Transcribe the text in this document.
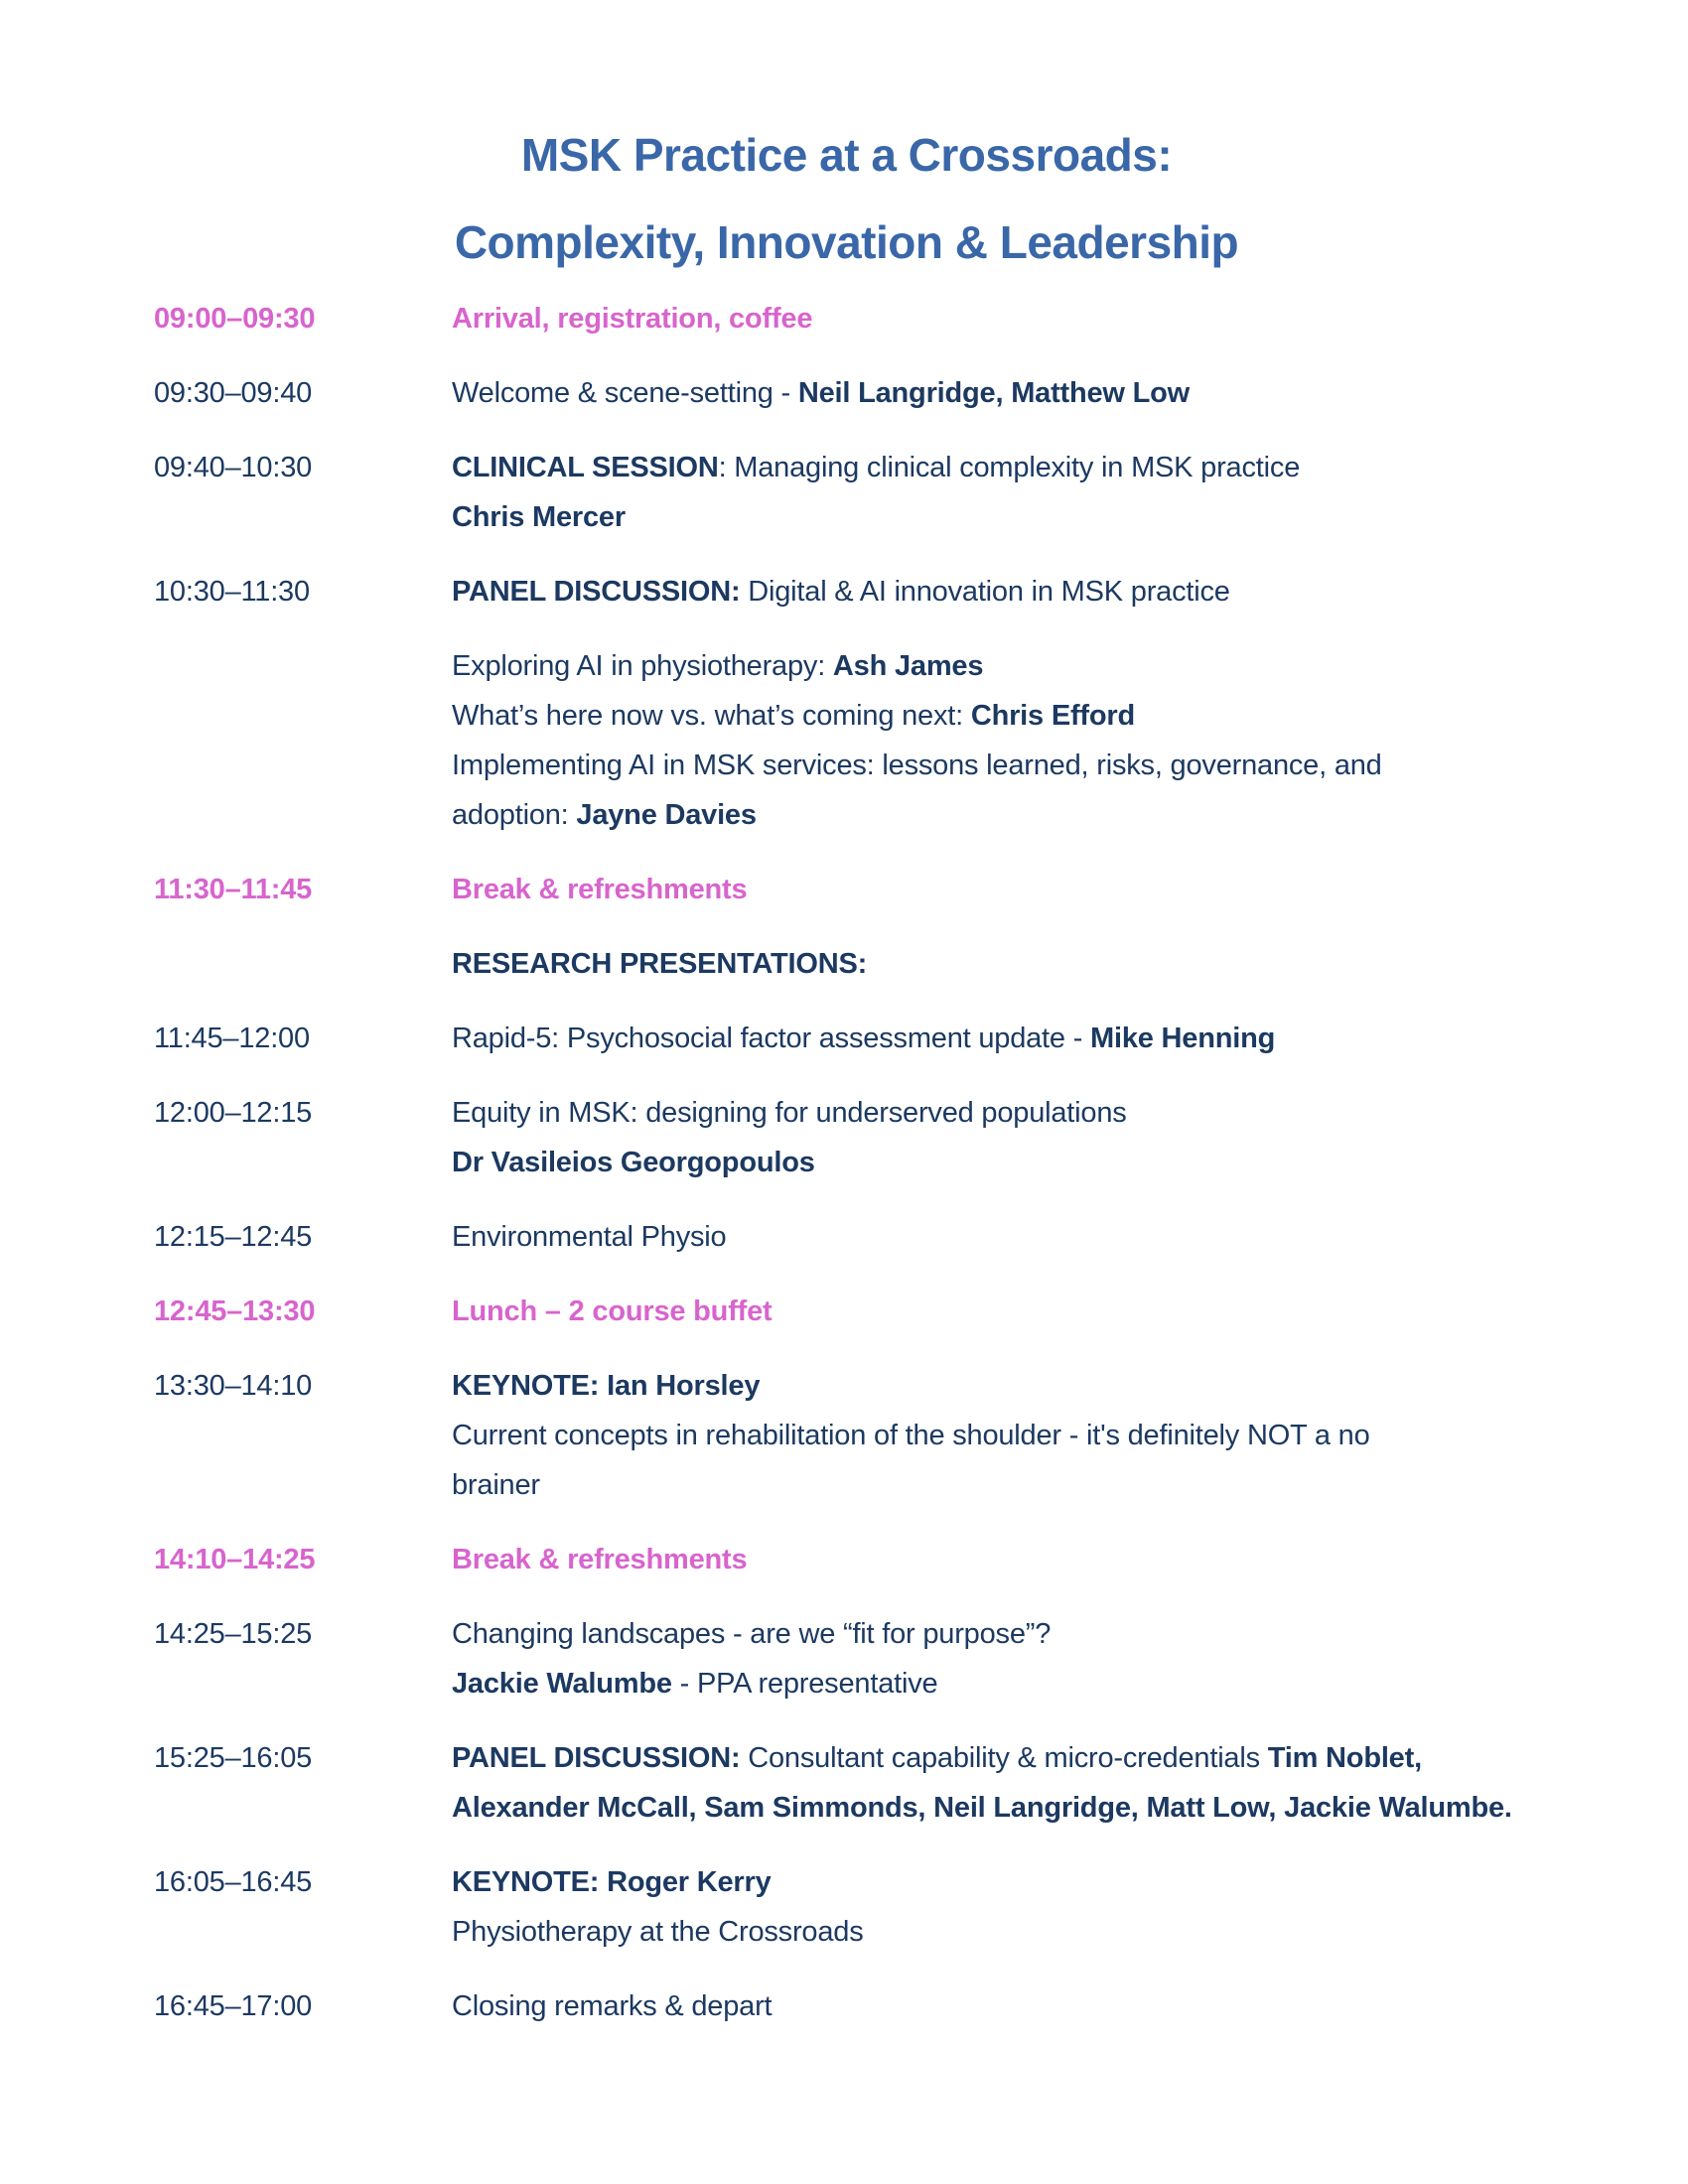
MSK Practice at a Crossroads:
Complexity, Innovation & Leadership
09:00–09:30	Arrival, registration, coffee
09:30–09:40	Welcome & scene-setting - Neil Langridge, Matthew Low
09:40–10:30	CLINICAL SESSION: Managing clinical complexity in MSK practice
Chris Mercer
10:30–11:30	PANEL DISCUSSION: Digital & AI innovation in MSK practice
Exploring AI in physiotherapy: Ash James
What’s here now vs. what’s coming next: Chris Efford
Implementing AI in MSK services: lessons learned, risks, governance, and
adoption: Jayne Davies
11:30–11:45	Break & refreshments
RESEARCH PRESENTATIONS:
11:45–12:00	Rapid-5: Psychosocial factor assessment update - Mike Henning
12:00–12:15	Equity in MSK: designing for underserved populations
Dr Vasileios Georgopoulos
12:15–12:45	Environmental Physio
12:45–13:30	Lunch – 2 course buffet
13:30–14:10	KEYNOTE: Ian Horsley
Current concepts in rehabilitation of the shoulder - it's definitely NOT a no
brainer
14:10–14:25	Break & refreshments
14:25–15:25	Changing landscapes - are we “fit for purpose”?
Jackie Walumbe - PPA representative
15:25–16:05	PANEL DISCUSSION: Consultant capability & micro-credentials Tim Noblet,
Alexander McCall, Sam Simmonds, Neil Langridge, Matt Low, Jackie Walumbe.
16:05–16:45	KEYNOTE: Roger Kerry
Physiotherapy at the Crossroads
16:45–17:00	Closing remarks & depart
